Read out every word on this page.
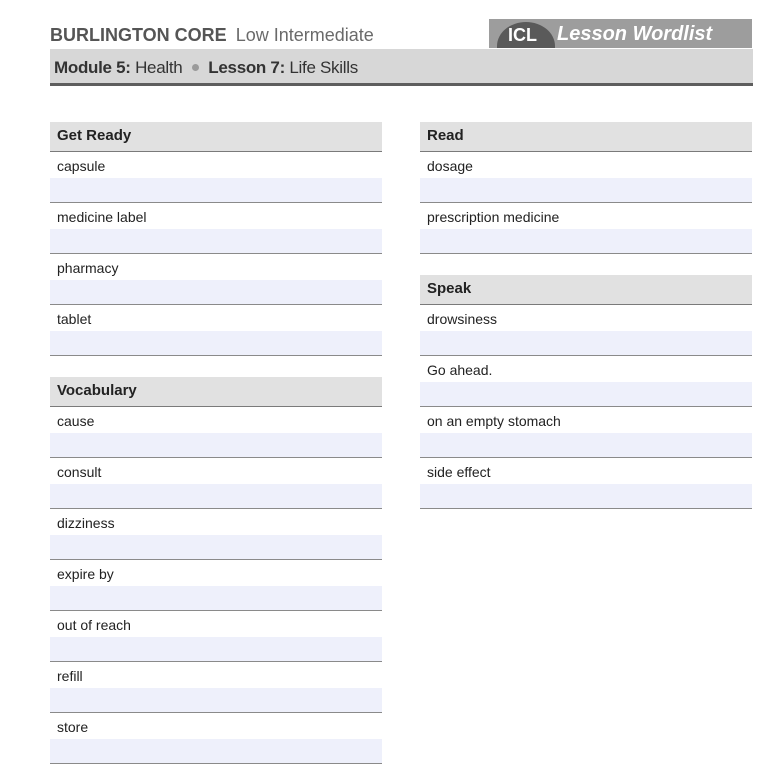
BURLINGTON CORE Low Intermediate	ICL Lesson Wordlist
Module 5: Health Lesson 7: Life Skills
Get Ready
capsule
medicine label
pharmacy
tablet
Vocabulary
cause
consult
dizziness
expire by
out of reach
refill
store
Read
dosage
prescription medicine
Speak
drowsiness
Go ahead.
on an empty stomach
side effect
